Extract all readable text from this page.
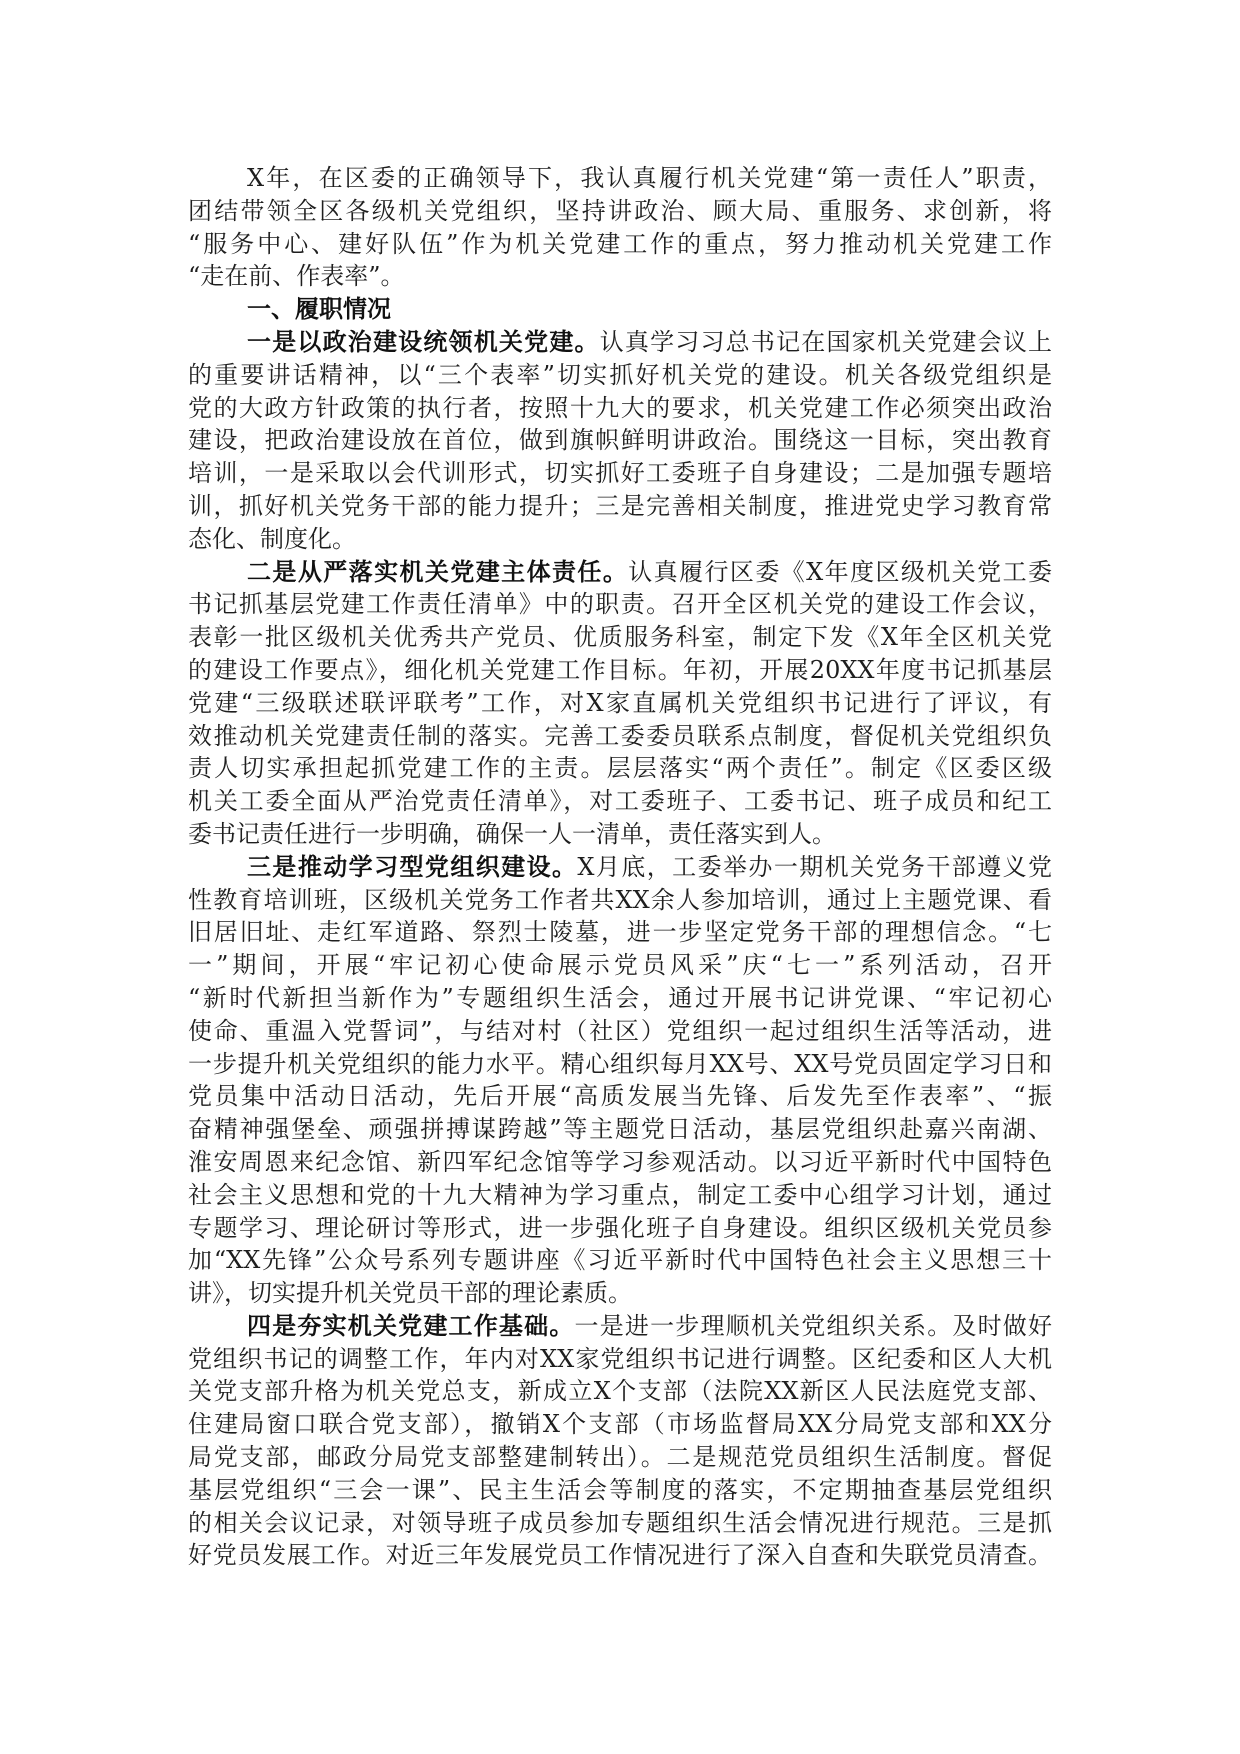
X年，在区委的正确领导下，我认真履行机关党建“第一责任人”职责，
团结带领全区各级机关党组织，坚持讲政治、顾大局、重服务、求创新，将
“服务中心、建好队伍”作为机关党建工作的重点，努力推动机关党建工作
“走在前、作表率”。
一、履职情况
一是以政治建设统领机关党建。认真学习习总书记在国家机关党建会议上
的重要讲话精神，以“三个表率”切实抓好机关党的建设。机关各级党组织是
党的大政方针政策的执行者，按照十九大的要求，机关党建工作必须突出政治
建设，把政治建设放在首位，做到旗帜鲜明讲政治。围绕这一目标，突出教育
培训，一是采取以会代训形式，切实抓好工委班子自身建设；二是加强专题培
训，抓好机关党务干部的能力提升；三是完善相关制度，推进党史学习教育常
态化、制度化。
二是从严落实机关党建主体责任。认真履行区委《X年度区级机关党工委
书记抓基层党建工作责任清单》中的职责。召开全区机关党的建设工作会议，
表彰一批区级机关优秀共产党员、优质服务科室，制定下发《X年全区机关党
的建设工作要点》，细化机关党建工作目标。年初，开展20XX年度书记抓基层
党建“三级联述联评联考”工作，对X家直属机关党组织书记进行了评议，有
效推动机关党建责任制的落实。完善工委委员联系点制度，督促机关党组织负
责人切实承担起抓党建工作的主责。层层落实“两个责任”。制定《区委区级
机关工委全面从严治党责任清单》，对工委班子、工委书记、班子成员和纪工
委书记责任进行一步明确，确保一人一清单，责任落实到人。
三是推动学习型党组织建设。X月底，工委举办一期机关党务干部遵义党
性教育培训班，区级机关党务工作者共XX余人参加培训，通过上主题党课、看
旧居旧址、走红军道路、祭烈士陵墓，进一步坚定党务干部的理想信念。“七
一”期间，开展“牢记初心使命展示党员风采”庆“七一”系列活动，召开
“新时代新担当新作为”专题组织生活会，通过开展书记讲党课、“牢记初心
使命、重温入党誓词”，与结对村（社区）党组织一起过组织生活等活动，进
一步提升机关党组织的能力水平。精心组织每月XX号、XX号党员固定学习日和
党员集中活动日活动，先后开展“高质发展当先锋、后发先至作表率”、“振
奋精神强堡垒、顽强拼搏谋跨越”等主题党日活动，基层党组织赴嘉兴南湖、
淮安周恩来纪念馆、新四军纪念馆等学习参观活动。以习近平新时代中国特色
社会主义思想和党的十九大精神为学习重点，制定工委中心组学习计划，通过
专题学习、理论研讨等形式，进一步强化班子自身建设。组织区级机关党员参
加“XX先锋”公众号系列专题讲座《习近平新时代中国特色社会主义思想三十
讲》，切实提升机关党员干部的理论素质。
四是夯实机关党建工作基础。一是进一步理顺机关党组织关系。及时做好
党组织书记的调整工作，年内对XX家党组织书记进行调整。区纪委和区人大机
关党支部升格为机关党总支，新成立X个支部（法院XX新区人民法庭党支部、
住建局窗口联合党支部），撤销X个支部（市场监督局XX分局党支部和XX分
局党支部，邮政分局党支部整建制转出）。二是规范党员组织生活制度。督促
基层党组织“三会一课”、民主生活会等制度的落实，不定期抽查基层党组织
的相关会议记录，对领导班子成员参加专题组织生活会情况进行规范。三是抓
好党员发展工作。对近三年发展党员工作情况进行了深入自查和失联党员清查。
